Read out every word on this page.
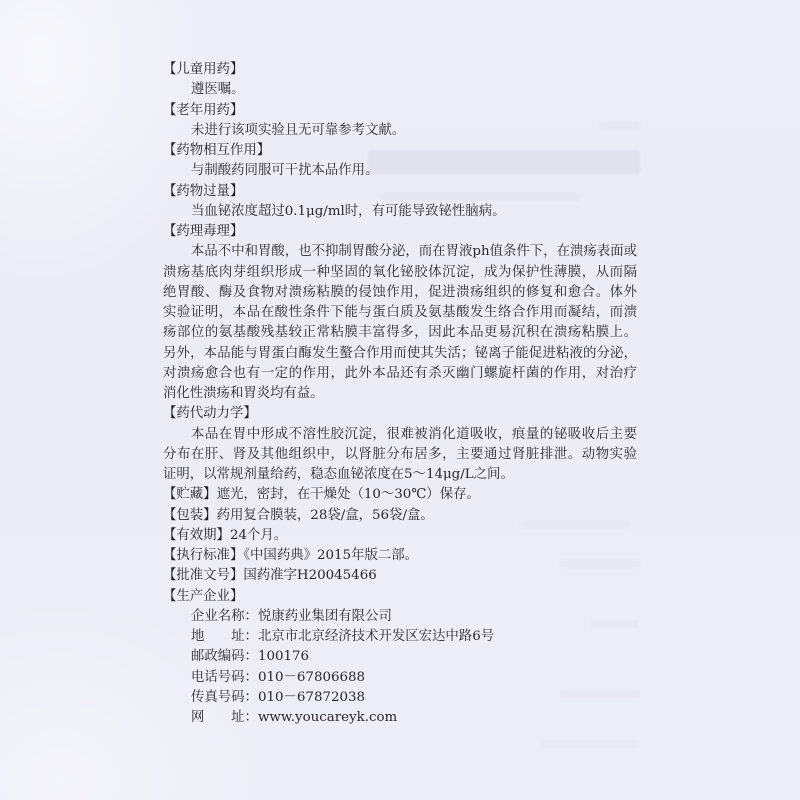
【儿童用药】
遵医嘱。
【老年用药】
未进行该项实验且无可靠参考文献。
【药物相互作用】
与制酸药同服可干扰本品作用。
【药物过量】
当血铋浓度超过0.1μg/ml时，有可能导致铋性脑病。
【药理毒理】
本品不中和胃酸，也不抑制胃酸分泌，而在胃液ph值条件下，在溃疡表面或
溃疡基底肉芽组织形成一种坚固的氧化铋胶体沉淀，成为保护性薄膜，从而隔
绝胃酸、酶及食物对溃疡粘膜的侵蚀作用，促进溃疡组织的修复和愈合。体外
实验证明，本品在酸性条件下能与蛋白质及氨基酸发生络合作用而凝结，而溃
疡部位的氨基酸残基较正常粘膜丰富得多，因此本品更易沉积在溃疡粘膜上。
另外，本品能与胃蛋白酶发生螯合作用而使其失活；铋离子能促进粘液的分泌，
对溃疡愈合也有一定的作用，此外本品还有杀灭幽门螺旋杆菌的作用，对治疗
消化性溃疡和胃炎均有益。
【药代动力学】
本品在胃中形成不溶性胶沉淀，很难被消化道吸收，痕量的铋吸收后主要
分布在肝、肾及其他组织中，以肾脏分布居多，主要通过肾脏排泄。动物实验
证明，以常规剂量给药，稳态血铋浓度在5～14μg/L之间。
【贮藏】遮光，密封，在干燥处（10～30℃）保存。
【包装】药用复合膜装，28袋/盒，56袋/盒。
【有效期】24个月。
【执行标准】《中国药典》2015年版二部。
【批准文号】国药准字H20045466
【生产企业】
企业名称：悦康药业集团有限公司
地　　址：北京市北京经济技术开发区宏达中路6号
邮政编码：100176
电话号码：010－67806688
传真号码：010－67872038
网　　址：www.youcareyk.com
